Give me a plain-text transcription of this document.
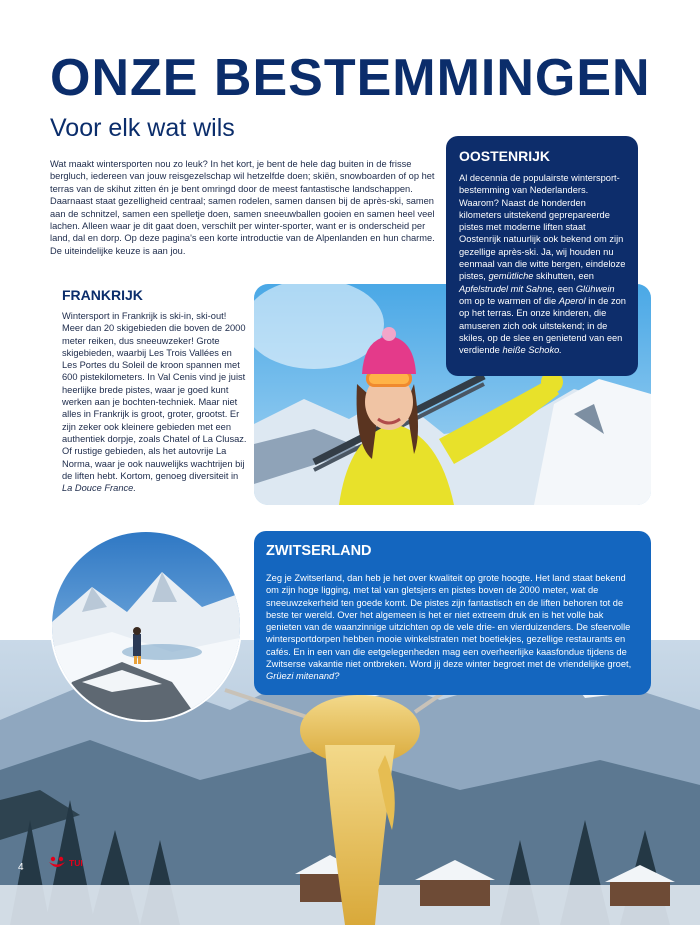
ONZE BESTEMMINGEN
Voor elk wat wils

Wat maakt wintersporten nou zo leuk? In het kort, je bent de hele dag buiten in de frisse bergluch, iedereen van jouw reisgezelschap wil hetzelfde doen; skiën, snowboarden of op het terras van de skihut zitten én je bent omringd door de meest fantastische landschappen. Daarnaast staat gezelligheid centraal; samen rodelen, samen dansen bij de après-ski, samen aan de schnitzel, samen een spelletje doen, samen sneeuwballen gooien en samen heel veel lachen. Alleen waar je dit gaat doen, verschilt per winter-sporter, want er is onderscheid per land, dal en dorp. Op deze pagina's een korte introductie van de Alpenlanden en hun charme. De uiteindelijke keuze is aan jou.

FRANKRIJK

Wintersport in Frankrijk is ski-in, ski-out! Meer dan 20 skigebieden die boven de 2000 meter reiken, dus sneeuwzeker! Grote skigebieden, waarbij Les Trois Vallées en Les Portes du Soleil de kroon spannen met 600 pistekilometers. In Val Cenis vind je juist heerlijke brede pistes, waar je goed kunt werken aan je bochten-techniek. Maar niet alles in Frankrijk is groot, groter, grootst. Er zijn zeker ook kleinere gebieden met een authentiek dorpje, zoals Chatel of La Clusaz. Of rustige gebieden, als het autovrije La Norma, waar je ook nauwelijks wachtrijen bij de liften hebt. Kortom, genoeg diversiteit in La Douce France.

OOSTENRIJK

Al decennia de populairste wintersport-bestemming van Nederlanders. Waarom? Naast de honderden kilometers uitstekend geprepareerde pistes met moderne liften staat Oostenrijk natuurlijk ook bekend om zijn gezellige après-ski. Ja, wij houden nu eenmaal van die witte bergen, eindeloze pistes, gemütliche skihutten, een Apfelstrudel mit Sahne, een Glühwein om op te warmen of die Aperol in de zon op het terras. En onze kinderen, die amuseren zich ook uitstekend; in de skiles, op de slee en genietend van een verdiende heiße Schoko.

ZWITSERLAND

Zeg je Zwitserland, dan heb je het over kwaliteit op grote hoogte. Het land staat bekend om zijn hoge ligging, met tal van gletsjers en pistes boven de 2000 meter, wat de sneeuwzekerheid ten goede komt. De pistes zijn fantastisch en de liften behoren tot de beste ter wereld. Over het algemeen is het er niet extreem druk en is het volle bak genieten van de waanzinnige uitzichten op de vele drie- en vierduizenders. De sfeervolle wintersportdorpen hebben mooie winkelstraten met boetiekjes, gezellige restaurants en cafés. En in een van die eetgelegenheden mag een overheerlijke kaasfondue tijdens de Zwitserse vakantie niet ontbreken. Word jij deze winter begroet met de vriendelijke groet, Grüezi mitenand?

4	TUI
